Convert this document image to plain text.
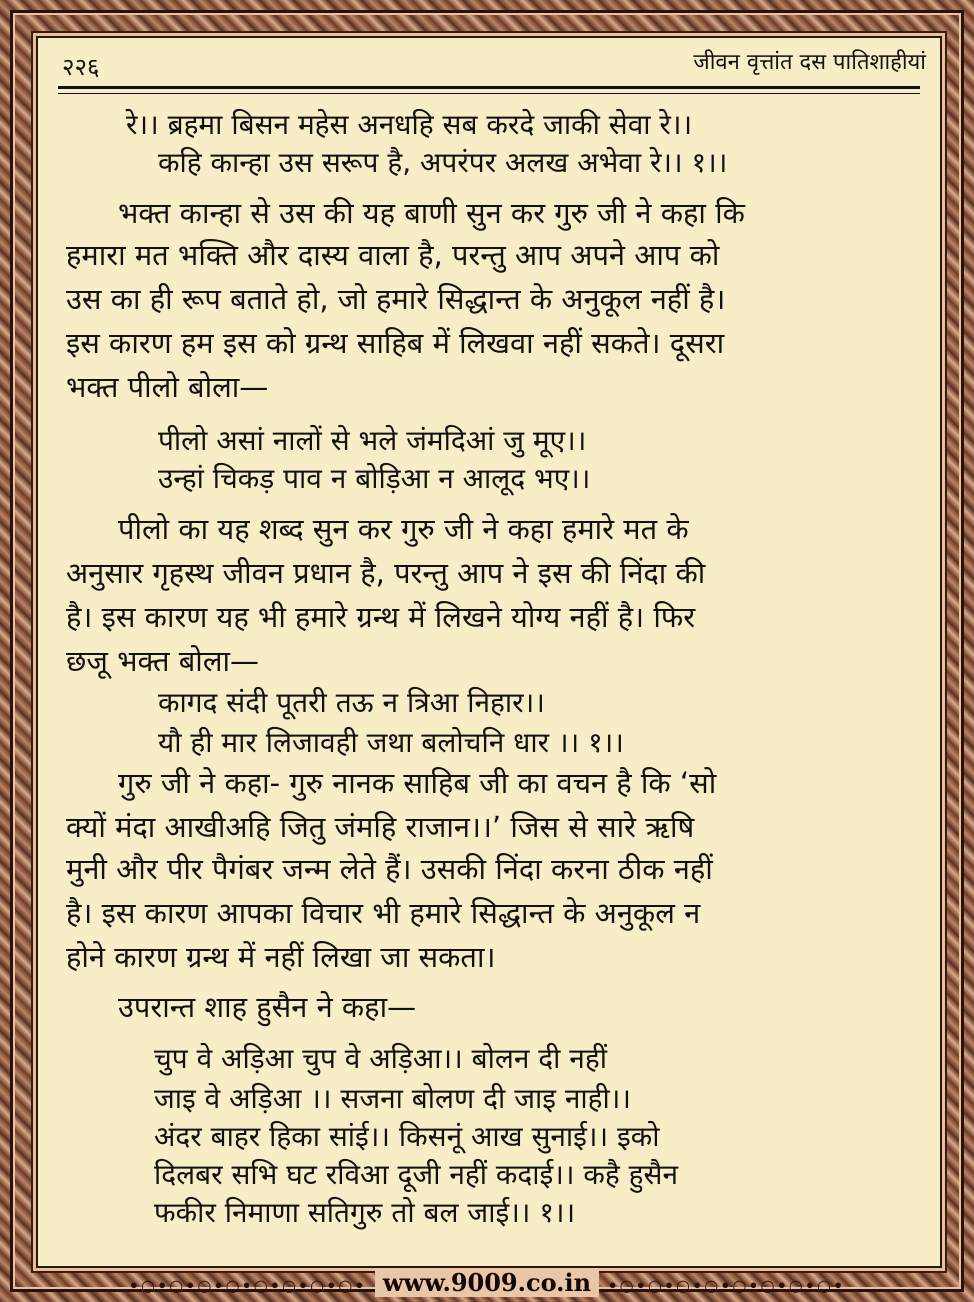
२२६	जीवन वृत्तांत दस पातिशाहीयां
रे।। ब्रहमा बिसन महेस अनधहि सब करदे जाकी सेवा रे।।
कहि कान्हा उस सरूप है, अपरंपर अलख अभेवा रे।। १।।
भक्त कान्हा से उस की यह बाणी सुन कर गुरु जी ने कहा कि
हमारा मत भक्ति और दास्य वाला है, परन्तु आप अपने आप को
उस का ही रूप बताते हो, जो हमारे सिद्धान्त के अनुकूल नहीं है।
इस कारण हम इस को ग्रन्थ साहिब में लिखवा नहीं सकते। दूसरा
भक्त पीलो बोला—
पीलो असां नालों से भले जंमदिआं जु मूए।।
उन्हां चिकड़ पाव न बोड़िआ न आलूद भए।।
पीलो का यह शब्द सुन कर गुरु जी ने कहा हमारे मत के
अनुसार गृहस्थ जीवन प्रधान है, परन्तु आप ने इस की निंदा की
है। इस कारण यह भी हमारे ग्रन्थ में लिखने योग्य नहीं है। फिर
छजू भक्त बोला—
कागद संदी पूतरी तऊ न त्रिआ निहार।।
यौ ही मार लिजावही जथा बलोचनि धार ।। १।।
गुरु जी ने कहा- गुरु नानक साहिब जी का वचन है कि ‘सो
क्यों मंदा आखीअहि जितु जंमहि राजान।।’ जिस से सारे ऋषि
मुनी और पीर पैगंबर जन्म लेते हैं। उसकी निंदा करना ठीक नहीं
है। इस कारण आपका विचार भी हमारे सिद्धान्त के अनुकूल न
होने कारण ग्रन्थ में नहीं लिखा जा सकता।
उपरान्त शाह हुसैन ने कहा—
चुप वे अड़िआ चुप वे अड़िआ।। बोलन दी नहीं
जाइ वे अड़िआ ।। सजना बोलण दी जाइ नाही।।
अंदर बाहर हिका सांई।। किसनूं आख सुनाई।। इको
दिलबर सभि घट रविआ दूजी नहीं कदाई।। कहै हुसैन
फकीर निमाणा सतिगुरु तो बल जाई।। १।।
•○•○•○•○•○•○•○•○• www.9009.co.in •○•○•○•○•○•○•○•○•
